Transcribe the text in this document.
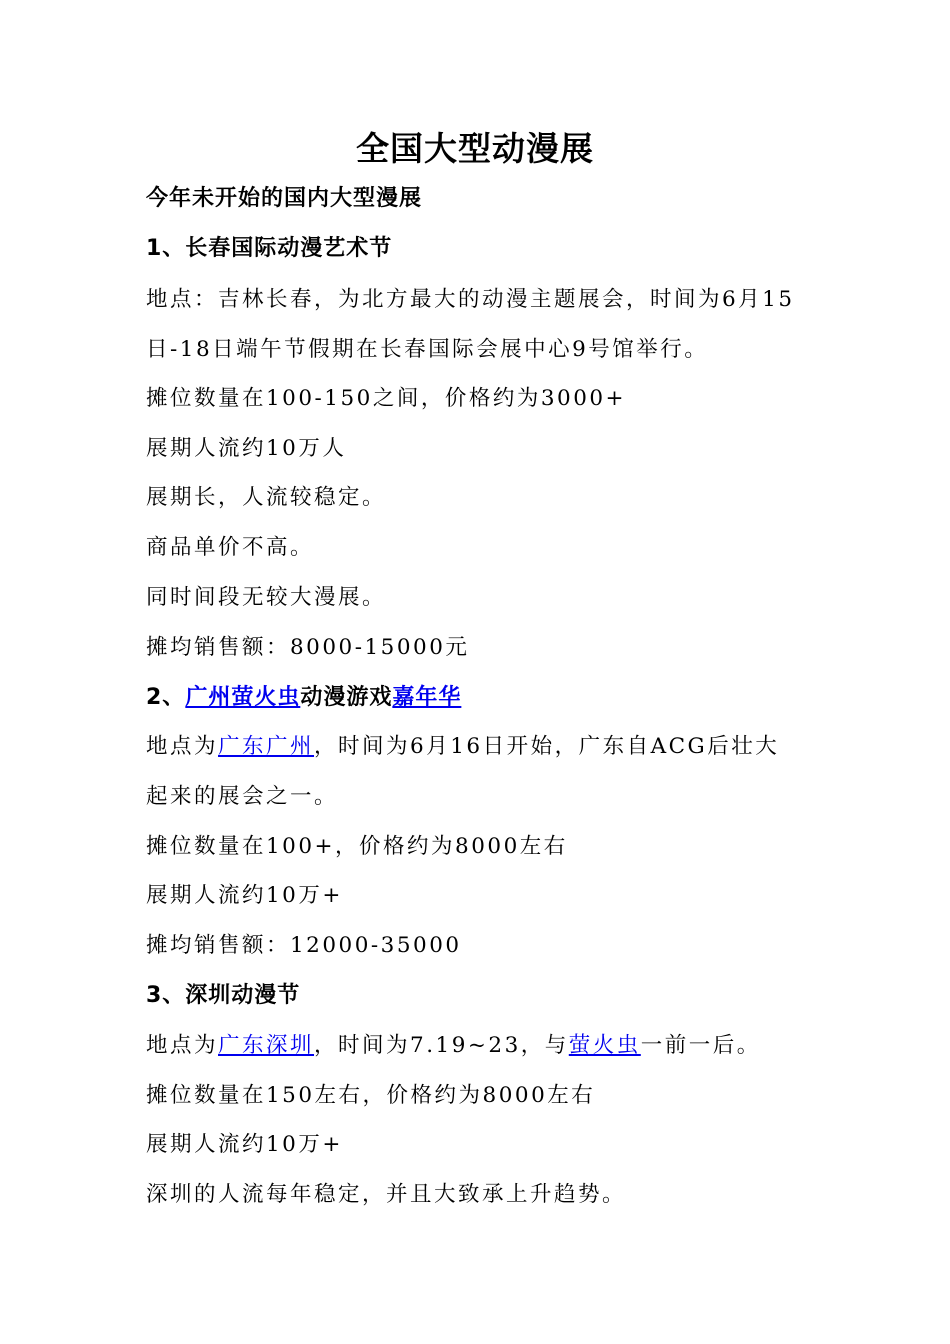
全国大型动漫展
今年未开始的国内大型漫展
1、长春国际动漫艺术节
地点：吉林长春，为北方最大的动漫主题展会，时间为6月15
日-18日端午节假期在长春国际会展中心9号馆举行。
摊位数量在100-150之间，价格约为3000+
展期人流约10万人
展期长，人流较稳定。
商品单价不高。
同时间段无较大漫展。
摊均销售额：8000-15000元
2、广州萤火虫动漫游戏嘉年华
地点为广东广州，时间为6月16日开始，广东自ACG后壮大
起来的展会之一。
摊位数量在100+，价格约为8000左右
展期人流约10万+
摊均销售额：12000-35000
3、深圳动漫节
地点为广东深圳，时间为7.19~23，与萤火虫一前一后。
摊位数量在150左右，价格约为8000左右
展期人流约10万+
深圳的人流每年稳定，并且大致承上升趋势。
